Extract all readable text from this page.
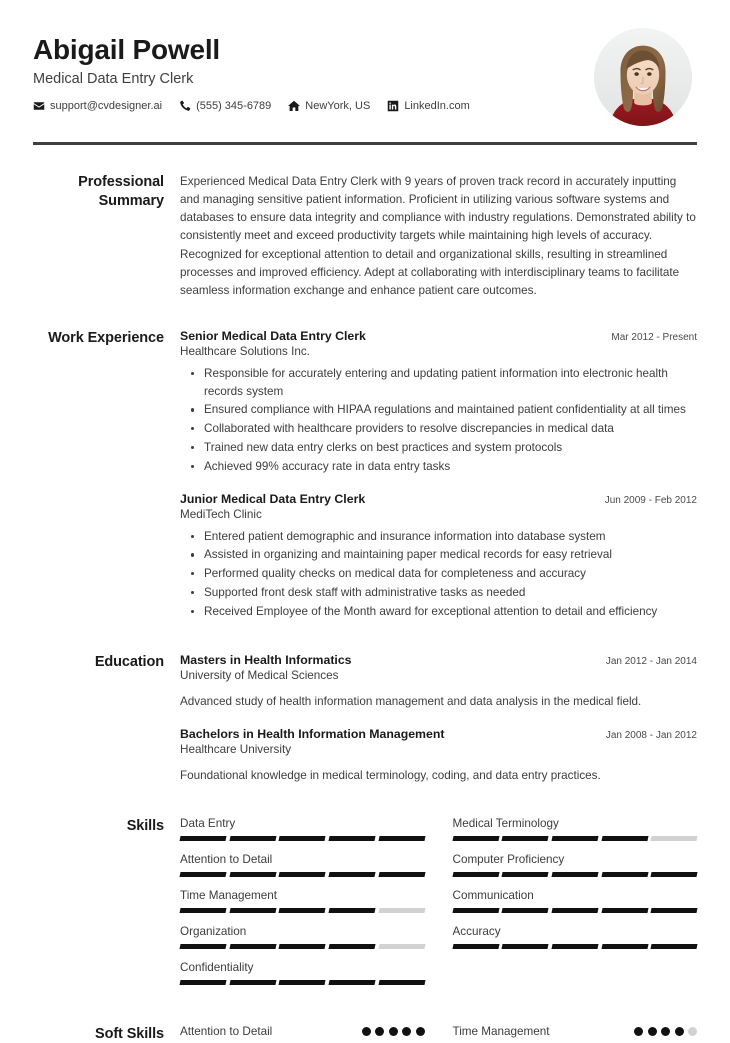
Abigail Powell
Medical Data Entry Clerk
support@cvdesigner.ai	(555) 345-6789	NewYork, US	LinkedIn.com
Professional Summary
Experienced Medical Data Entry Clerk with 9 years of proven track record in accurately inputting and managing sensitive patient information. Proficient in utilizing various software systems and databases to ensure data integrity and compliance with industry regulations. Demonstrated ability to consistently meet and exceed productivity targets while maintaining high levels of accuracy. Recognized for exceptional attention to detail and organizational skills, resulting in streamlined processes and improved efficiency. Adept at collaborating with interdisciplinary teams to facilitate seamless information exchange and enhance patient care outcomes.
Work Experience	Senior Medical Data Entry Clerk	Mar 2012 - Present
Healthcare Solutions Inc.
Responsible for accurately entering and updating patient information into electronic health records system
Ensured compliance with HIPAA regulations and maintained patient confidentiality at all times
Collaborated with healthcare providers to resolve discrepancies in medical data
Trained new data entry clerks on best practices and system protocols
Achieved 99% accuracy rate in data entry tasks
Junior Medical Data Entry Clerk	Jun 2009 - Feb 2012
MediTech Clinic
Entered patient demographic and insurance information into database system
Assisted in organizing and maintaining paper medical records for easy retrieval
Performed quality checks on medical data for completeness and accuracy
Supported front desk staff with administrative tasks as needed
Received Employee of the Month award for exceptional attention to detail and efficiency
Education	Masters in Health Informatics	Jan 2012 - Jan 2014
University of Medical Sciences
Advanced study of health information management and data analysis in the medical field.
Bachelors in Health Information Management	Jan 2008 - Jan 2012
Healthcare University
Foundational knowledge in medical terminology, coding, and data entry practices.
Skills	Data Entry	Medical Terminology
Attention to Detail	Computer Proficiency
Time Management	Communication
Organization	Accuracy
Confidentiality
Soft Skills	Attention to Detail	Time Management
